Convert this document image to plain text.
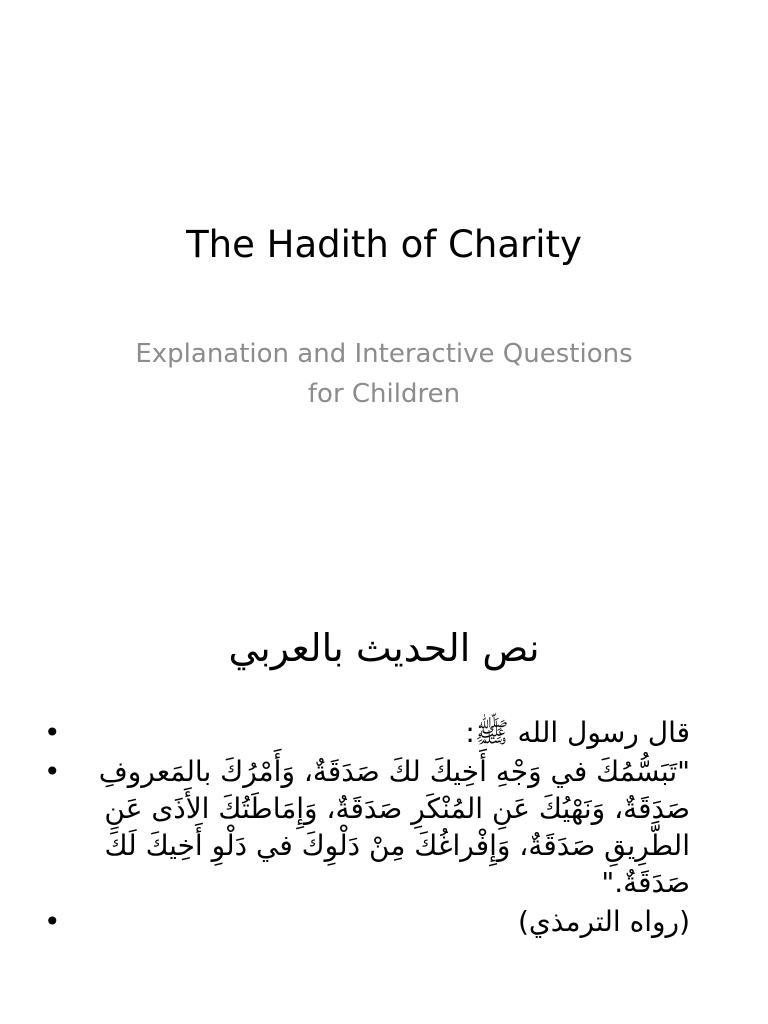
The Hadith of Charity
Explanation and Interactive Questions for Children
نص الحديث بالعربي
•	قال رسول الله ﷺ:
•	"تَبَسُّمُكَ في وَجْهِ أَخِيكَ لكَ صَدَقَةٌ، وَأَمْرُكَ بالمَعروفِ صَدَقَةٌ، وَنَهْيُكَ عَنِ المُنْكَرِ صَدَقَةٌ، وَإِمَاطَتُكَ الأَذَى عَنِ الطَّرِيقِ صَدَقَةٌ، وَإِفْراغُكَ مِنْ دَلْوِكَ في دَلْوِ أَخِيكَ لَكَ صَدَقَةٌ."
•	(رواه الترمذي)
